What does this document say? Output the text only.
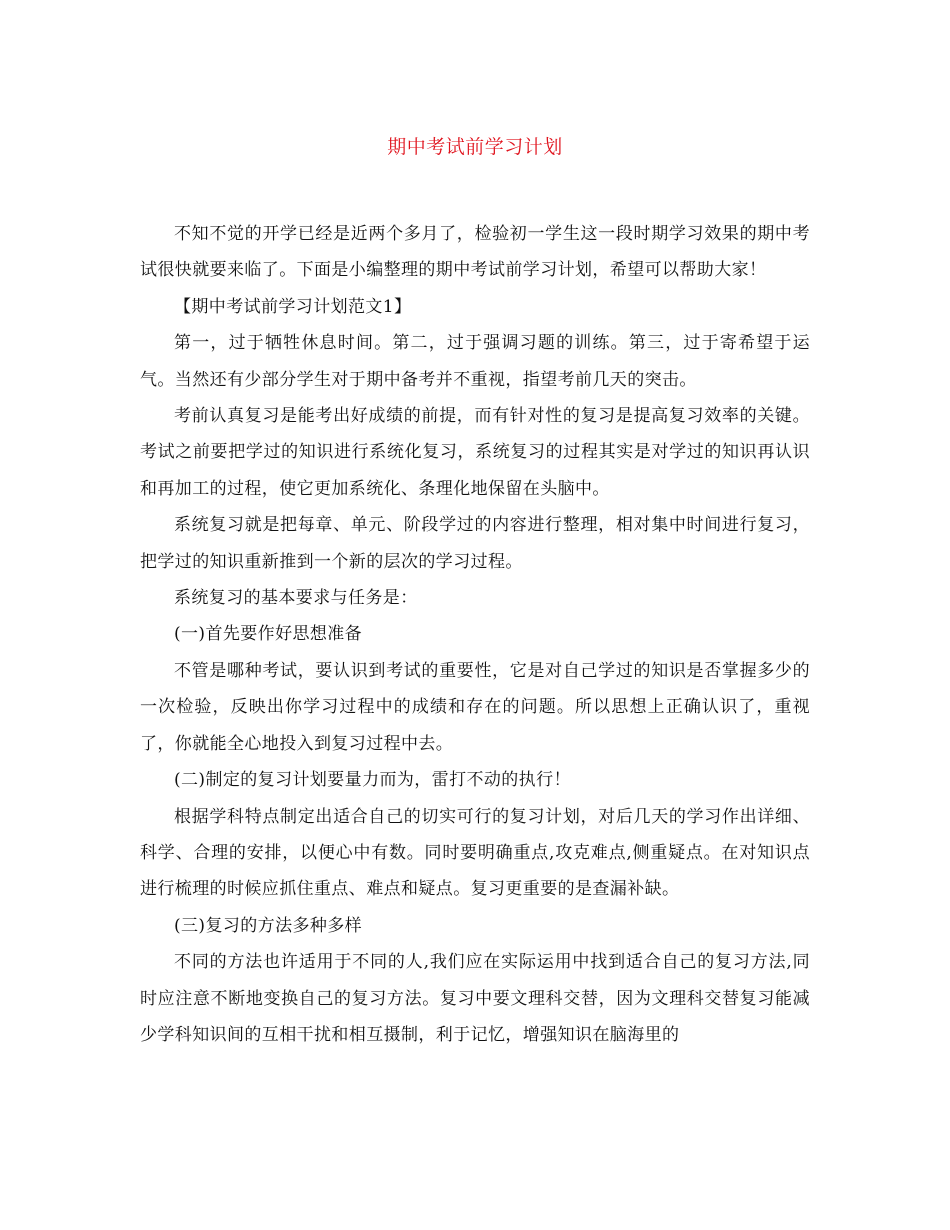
期中考试前学习计划

不知不觉的开学已经是近两个多月了，检验初一学生这一段时期学习效果的期中考试很快就要来临了。下面是小编整理的期中考试前学习计划，希望可以帮助大家！

【期中考试前学习计划范文1】

第一，过于牺牲休息时间。第二，过于强调习题的训练。第三，过于寄希望于运气。当然还有少部分学生对于期中备考并不重视，指望考前几天的突击。

考前认真复习是能考出好成绩的前提，而有针对性的复习是提高复习效率的关键。考试之前要把学过的知识进行系统化复习，系统复习的过程其实是对学过的知识再认识和再加工的过程，使它更加系统化、条理化地保留在头脑中。

系统复习就是把每章、单元、阶段学过的内容进行整理，相对集中时间进行复习，把学过的知识重新推到一个新的层次的学习过程。

系统复习的基本要求与任务是：

(一)首先要作好思想准备

不管是哪种考试，要认识到考试的重要性，它是对自己学过的知识是否掌握多少的一次检验，反映出你学习过程中的成绩和存在的问题。所以思想上正确认识了，重视了，你就能全心地投入到复习过程中去。

(二)制定的复习计划要量力而为，雷打不动的执行！

根据学科特点制定出适合自己的切实可行的复习计划，对后几天的学习作出详细、科学、合理的安排，以便心中有数。同时要明确重点,攻克难点,侧重疑点。在对知识点进行梳理的时候应抓住重点、难点和疑点。复习更重要的是查漏补缺。

(三)复习的方法多种多样

不同的方法也许适用于不同的人,我们应在实际运用中找到适合自己的复习方法,同时应注意不断地变换自己的复习方法。复习中要文理科交替，因为文理科交替复习能减少学科知识间的互相干扰和相互摄制，利于记忆，增强知识在脑海里的
